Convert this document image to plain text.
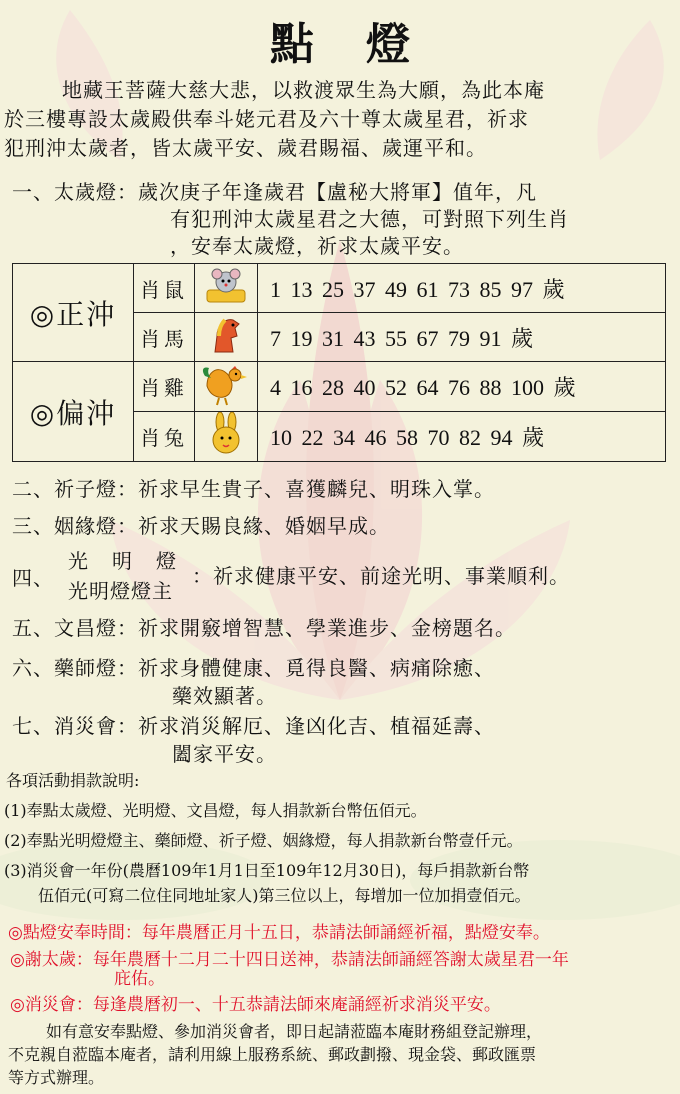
點燈
地藏王菩薩大慈大悲，以救渡眾生為大願，為此本庵
於三樓專設太歲殿供奉斗姥元君及六十尊太歲星君，祈求
犯刑沖太歲者，皆太歲平安、歲君賜福、歲運平和。
一、太歲燈：歲次庚子年逢歲君【盧秘大將軍】值年，凡
有犯刑沖太歲星君之大德，可對照下列生肖
，安奉太歲燈，祈求太歲平安。
◎正沖	肖鼠		1 13 25 37 49 61 73 85 97 歲
	肖馬		7 19 31 43 55 67 79 91 歲
◎偏沖	肖雞		4 16 28 40 52 64 76 88 100 歲
	肖兔		10 22 34 46 58 70 82 94 歲
二、祈子燈：祈求早生貴子、喜獲麟兒、明珠入掌。
三、姻緣燈：祈求天賜良緣、婚姻早成。
四、
光　明　燈
光明燈燈主
：祈求健康平安、前途光明、事業順利。
五、文昌燈：祈求開竅增智慧、學業進步、金榜題名。
六、藥師燈：祈求身體健康、覓得良醫、病痛除癒、
藥效顯著。
七、消災會：祈求消災解厄、逢凶化吉、植福延壽、
闔家平安。
各項活動捐款說明:
(1)奉點太歲燈、光明燈、文昌燈，每人捐款新台幣伍佰元。
(2)奉點光明燈燈主、藥師燈、祈子燈、姻緣燈，每人捐款新台幣壹仟元。
(3)消災會一年份(農曆109年1月1日至109年12月30日)，每戶捐款新台幣
伍佰元(可寫二位住同地址家人)第三位以上，每增加一位加捐壹佰元。
◎點燈安奉時間：每年農曆正月十五日，恭請法師誦經祈福，點燈安奉。
◎謝太歲：每年農曆十二月二十四日送神，恭請法師誦經答謝太歲星君一年
庇佑。
◎消災會：每逢農曆初一、十五恭請法師來庵誦經祈求消災平安。
如有意安奉點燈、參加消災會者，即日起請蒞臨本庵財務組登記辦理，
不克親自蒞臨本庵者，請利用線上服務系統、郵政劃撥、現金袋、郵政匯票
等方式辦理。
